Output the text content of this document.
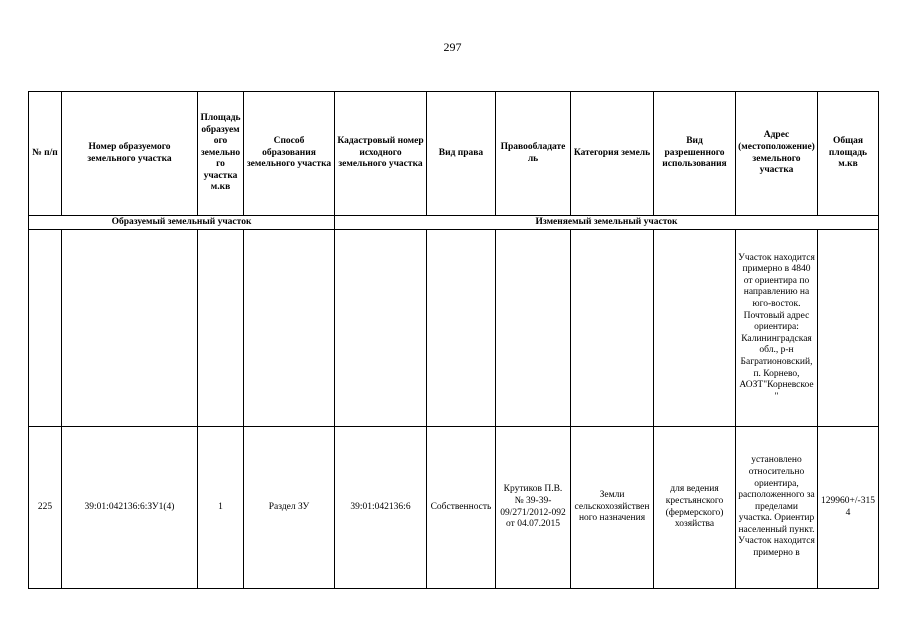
297
№ п/п	Номер образуемого земельного участка	Площадь образуемого земельного участка м.кв	Способ образования земельного участка	Кадастровый номер исходного земельного участка	Вид права	Правообладатель	Категория земель	Вид разрешенного использования	Адрес (местоположение) земельного участка	Общая площадь м.кв
Образуемый земельный участок				Изменяемый земельный участок						
									Участок находится примерно в 4840 от ориентира по направлению на юго-восток. Почтовый адрес ориентира: Калининградская обл., р-н Багратионовский, п. Корнево, АОЗТ"Корневское"	
225	39:01:042136:6:ЗУ1(4)	1	Раздел ЗУ	39:01:042136:6	Собственность	Крутиков П.В. № 39-39-09/271/2012-092 от 04.07.2015	Земли сельскохозяйственного назначения	для ведения крестьянского (фермерского) хозяйства	установлено относительно ориентира, расположенного за пределами участка. Ориентир населенный пункт. Участок находится примерно в	129960+/-3154
